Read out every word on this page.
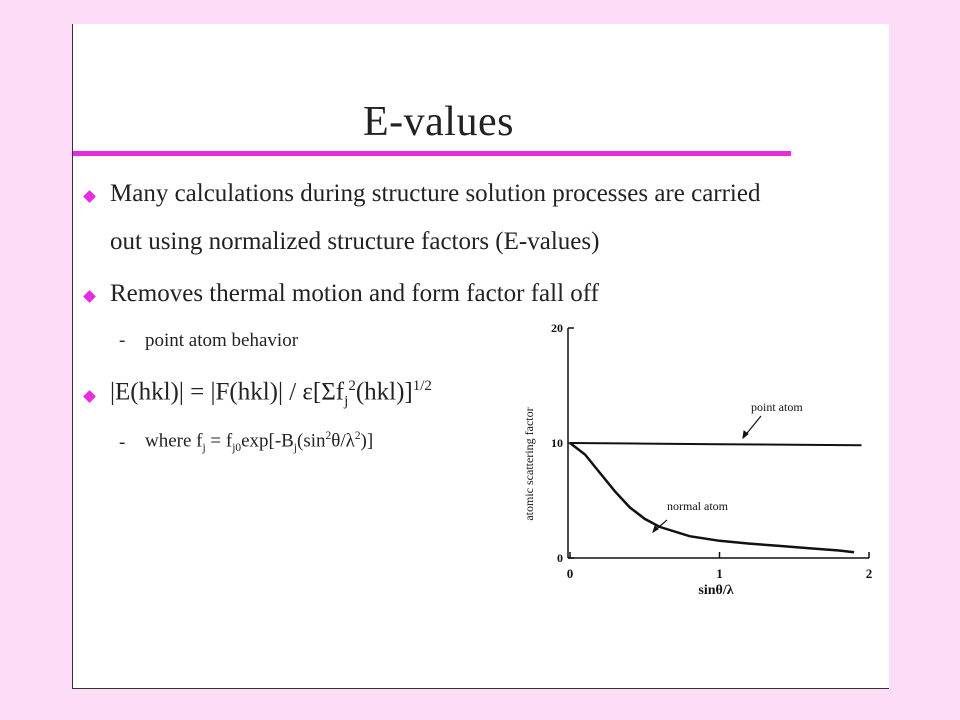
E-values
Many calculations during structure solution processes are carried
out using normalized structure factors (E-values)
Removes thermal motion and form factor fall off
- point atom behavior
$|E(hkl)| = |F(hkl)| / \varepsilon[\Sigma f_j^2(hkl)]^{1/2}$
- where $f_j = f_{j0}\exp[-B_j(\sin^2\theta/\lambda^2)]$
0	1	2
0
10
20
point atom
normal atom
atomic scattering factor
sinθ/λ
